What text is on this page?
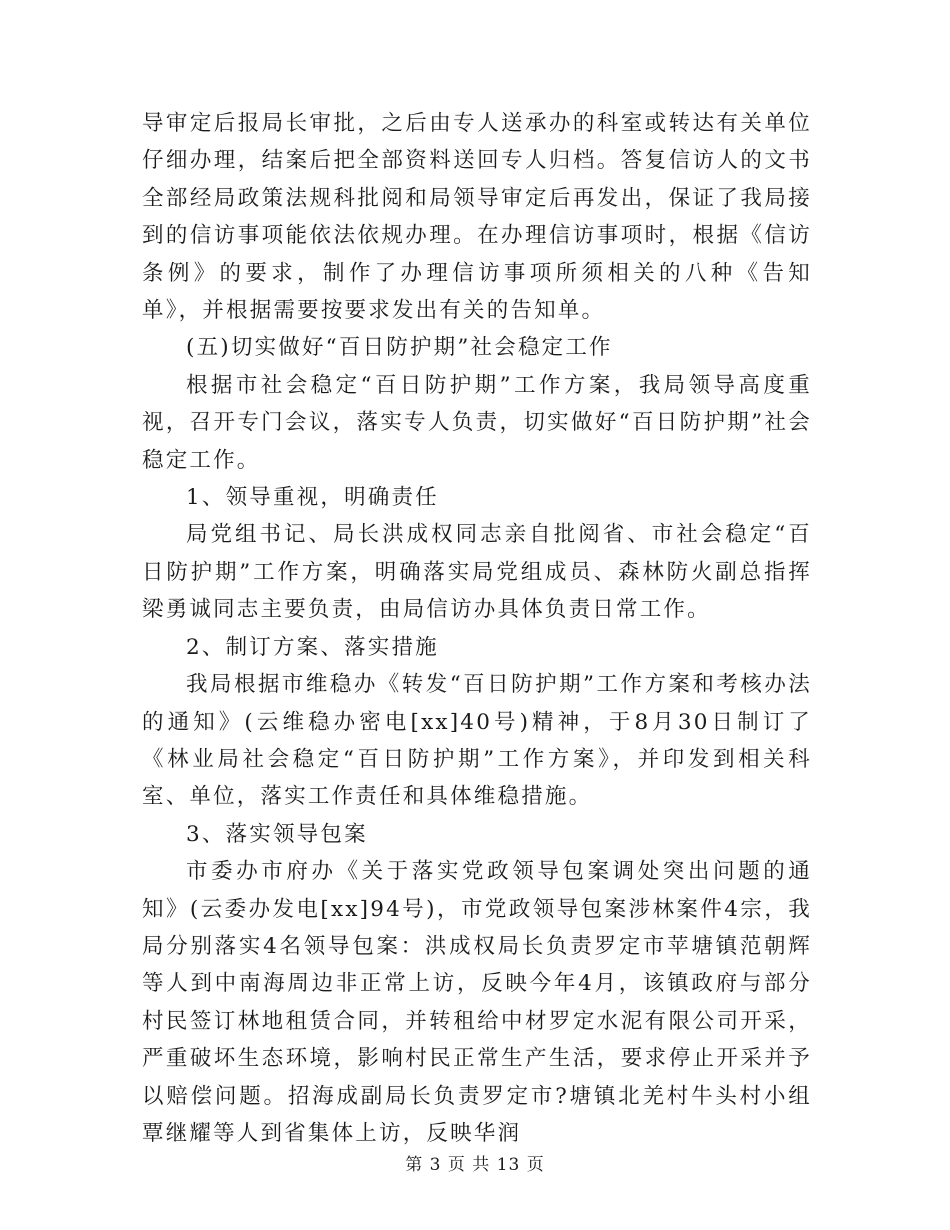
导审定后报局长审批，之后由专人送承办的科室或转达有关单位仔细办理，结案后把全部资料送回专人归档。答复信访人的文书全部经局政策法规科批阅和局领导审定后再发出，保证了我局接到的信访事项能依法依规办理。在办理信访事项时，根据《信访条例》的要求，制作了办理信访事项所须相关的八种《告知单》，并根据需要按要求发出有关的告知单。

(五)切实做好“百日防护期”社会稳定工作

根据市社会稳定“百日防护期”工作方案，我局领导高度重视，召开专门会议，落实专人负责，切实做好“百日防护期”社会稳定工作。

1、领导重视，明确责任

局党组书记、局长洪成权同志亲自批阅省、市社会稳定“百日防护期”工作方案，明确落实局党组成员、森林防火副总指挥梁勇诚同志主要负责，由局信访办具体负责日常工作。

2、制订方案、落实措施

我局根据市维稳办《转发“百日防护期”工作方案和考核办法的通知》(云维稳办密电[xx]40号)精神，于8月30日制订了《林业局社会稳定“百日防护期”工作方案》，并印发到相关科室、单位，落实工作责任和具体维稳措施。

3、落实领导包案

市委办市府办《关于落实党政领导包案调处突出问题的通知》(云委办发电[xx]94号)，市党政领导包案涉林案件4宗，我局分别落实4名领导包案：洪成权局长负责罗定市苹塘镇范朝辉等人到中南海周边非正常上访，反映今年4月，该镇政府与部分村民签订林地租赁合同，并转租给中材罗定水泥有限公司开采，严重破坏生态环境，影响村民正常生产生活，要求停止开采并予以赔偿问题。招海成副局长负责罗定市?塘镇北羌村牛头村小组覃继耀等人到省集体上访，反映华润

第 3 页 共 13 页
